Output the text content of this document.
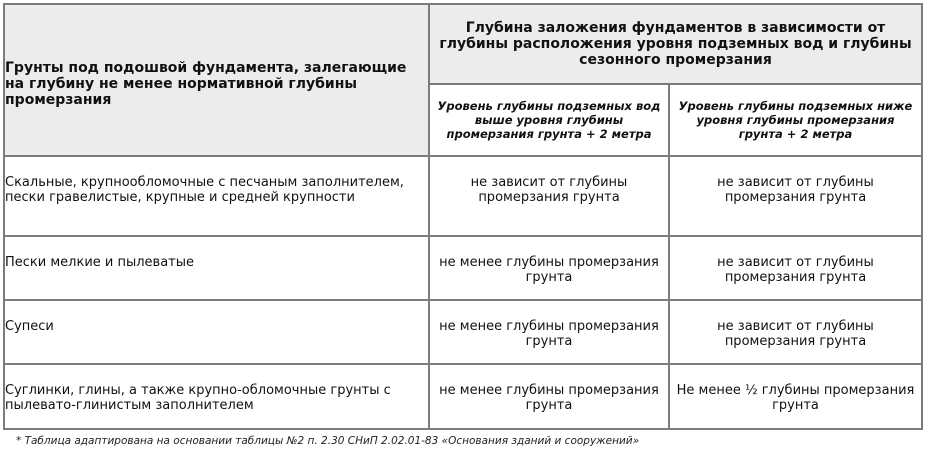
Грунты под подошвой фундамента, залегающие на глубину не менее нормативной глубины промерзания	Глубина заложения фундаментов в зависимости от глубины расположения уровня подземных вод и глубины сезонного промерзания	

	Уровень глубины подземных вод выше уровня глубины промерзания грунта + 2 метра	Уровень глубины подземных ниже уровня глубины промерзания грунта + 2 метра

Скальные, крупнообломочные с песчаным заполнителем, пески гравелистые, крупные и средней крупности	не зависит от глубины промерзания грунта	не зависит от глубины промерзания грунта

Пески мелкие и пылеватые	не менее глубины промерзания грунта	не зависит от глубины промерзания грунта

Супеси	не менее глубины промерзания грунта	не зависит от глубины промерзания грунта

Суглинки, глины, а также крупно-обломочные грунты с пылевато-глинистым заполнителем	не менее глубины промерзания грунта	Не менее ½ глубины промерзания грунта
* Таблица адаптирована на основании таблицы №2 п. 2.30 СНиП 2.02.01-83 «Основания зданий и сооружений»
